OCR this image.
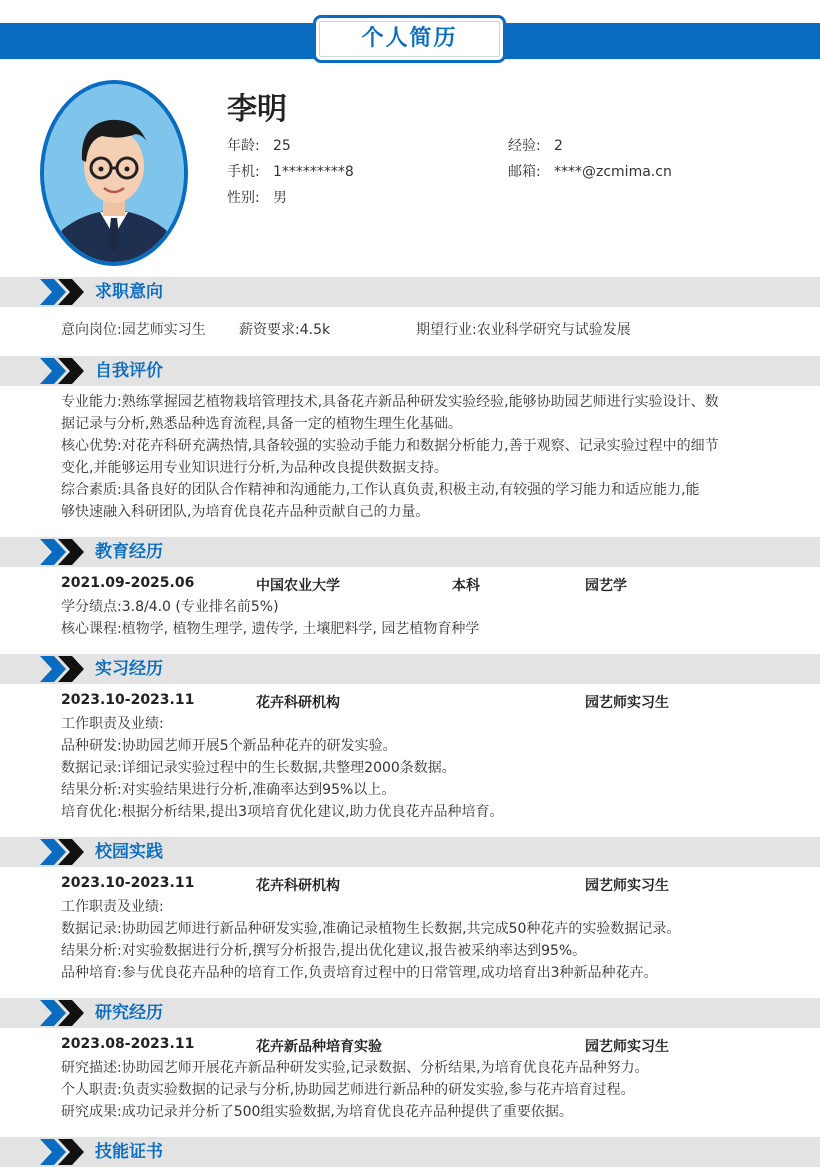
个人简历
李明
年龄: 25	经验: 2
手机: 1*********8	邮箱: ****@zcmima.cn
性别: 男
求职意向
意向岗位:园艺师实习生 薪资要求:4.5k	期望行业:农业科学研究与试验发展
自我评价
专业能力:熟练掌握园艺植物栽培管理技术,具备花卉新品种研发实验经验,能够协助园艺师进行实验设计、数
据记录与分析,熟悉品种选育流程,具备一定的植物生理生化基础。
核心优势:对花卉科研充满热情,具备较强的实验动手能力和数据分析能力,善于观察、记录实验过程中的细节
变化,并能够运用专业知识进行分析,为品种改良提供数据支持。
综合素质:具备良好的团队合作精神和沟通能力,工作认真负责,积极主动,有较强的学习能力和适应能力,能
够快速融入科研团队,为培育优良花卉品种贡献自己的力量。
教育经历
2021.09-2025.06	中国农业大学	本科	园艺学
学分绩点:3.8/4.0 (专业排名前5%)
核心课程:植物学, 植物生理学, 遗传学, 土壤肥料学, 园艺植物育种学
实习经历
2023.10-2023.11	花卉科研机构	园艺师实习生
工作职责及业绩:
品种研发:协助园艺师开展5个新品种花卉的研发实验。
数据记录:详细记录实验过程中的生长数据,共整理2000条数据。
结果分析:对实验结果进行分析,准确率达到95%以上。
培育优化:根据分析结果,提出3项培育优化建议,助力优良花卉品种培育。
校园实践
2023.10-2023.11	花卉科研机构	园艺师实习生
工作职责及业绩:
数据记录:协助园艺师进行新品种研发实验,准确记录植物生长数据,共完成50种花卉的实验数据记录。
结果分析:对实验数据进行分析,撰写分析报告,提出优化建议,报告被采纳率达到95%。
品种培育:参与优良花卉品种的培育工作,负责培育过程中的日常管理,成功培育出3种新品种花卉。
研究经历
2023.08-2023.11	花卉新品种培育实验	园艺师实习生
研究描述:协助园艺师开展花卉新品种研发实验,记录数据、分析结果,为培育优良花卉品种努力。
个人职责:负责实验数据的记录与分析,协助园艺师进行新品种的研发实验,参与花卉培育过程。
研究成果:成功记录并分析了500组实验数据,为培育优良花卉品种提供了重要依据。
技能证书
